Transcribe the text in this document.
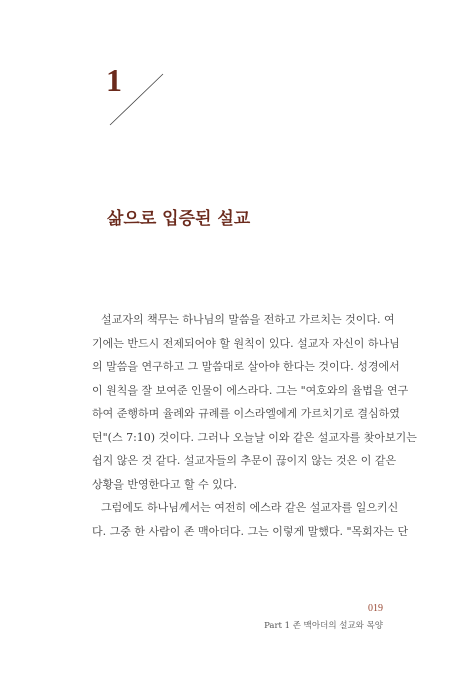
1
삶으로 입증된 설교
설교자의 책무는 하나님의 말씀을 전하고 가르치는 것이다. 여
기에는 반드시 전제되어야 할 원칙이 있다. 설교자 자신이 하나님
의 말씀을 연구하고 그 말씀대로 살아야 한다는 것이다. 성경에서
이 원칙을 잘 보여준 인물이 에스라다. 그는 "여호와의 율법을 연구
하여 준행하며 율례와 규례를 이스라엘에게 가르치기로 결심하였
던"(스 7:10) 것이다. 그러나 오늘날 이와 같은 설교자를 찾아보기는
쉽지 않은 것 같다. 설교자들의 추문이 끊이지 않는 것은 이 같은
상황을 반영한다고 할 수 있다.
그럼에도 하나님께서는 여전히 에스라 같은 설교자를 일으키신
다. 그중 한 사람이 존 맥아더다. 그는 이렇게 말했다. "목회자는 단
019
Part 1 존 맥아더의 설교와 목양
